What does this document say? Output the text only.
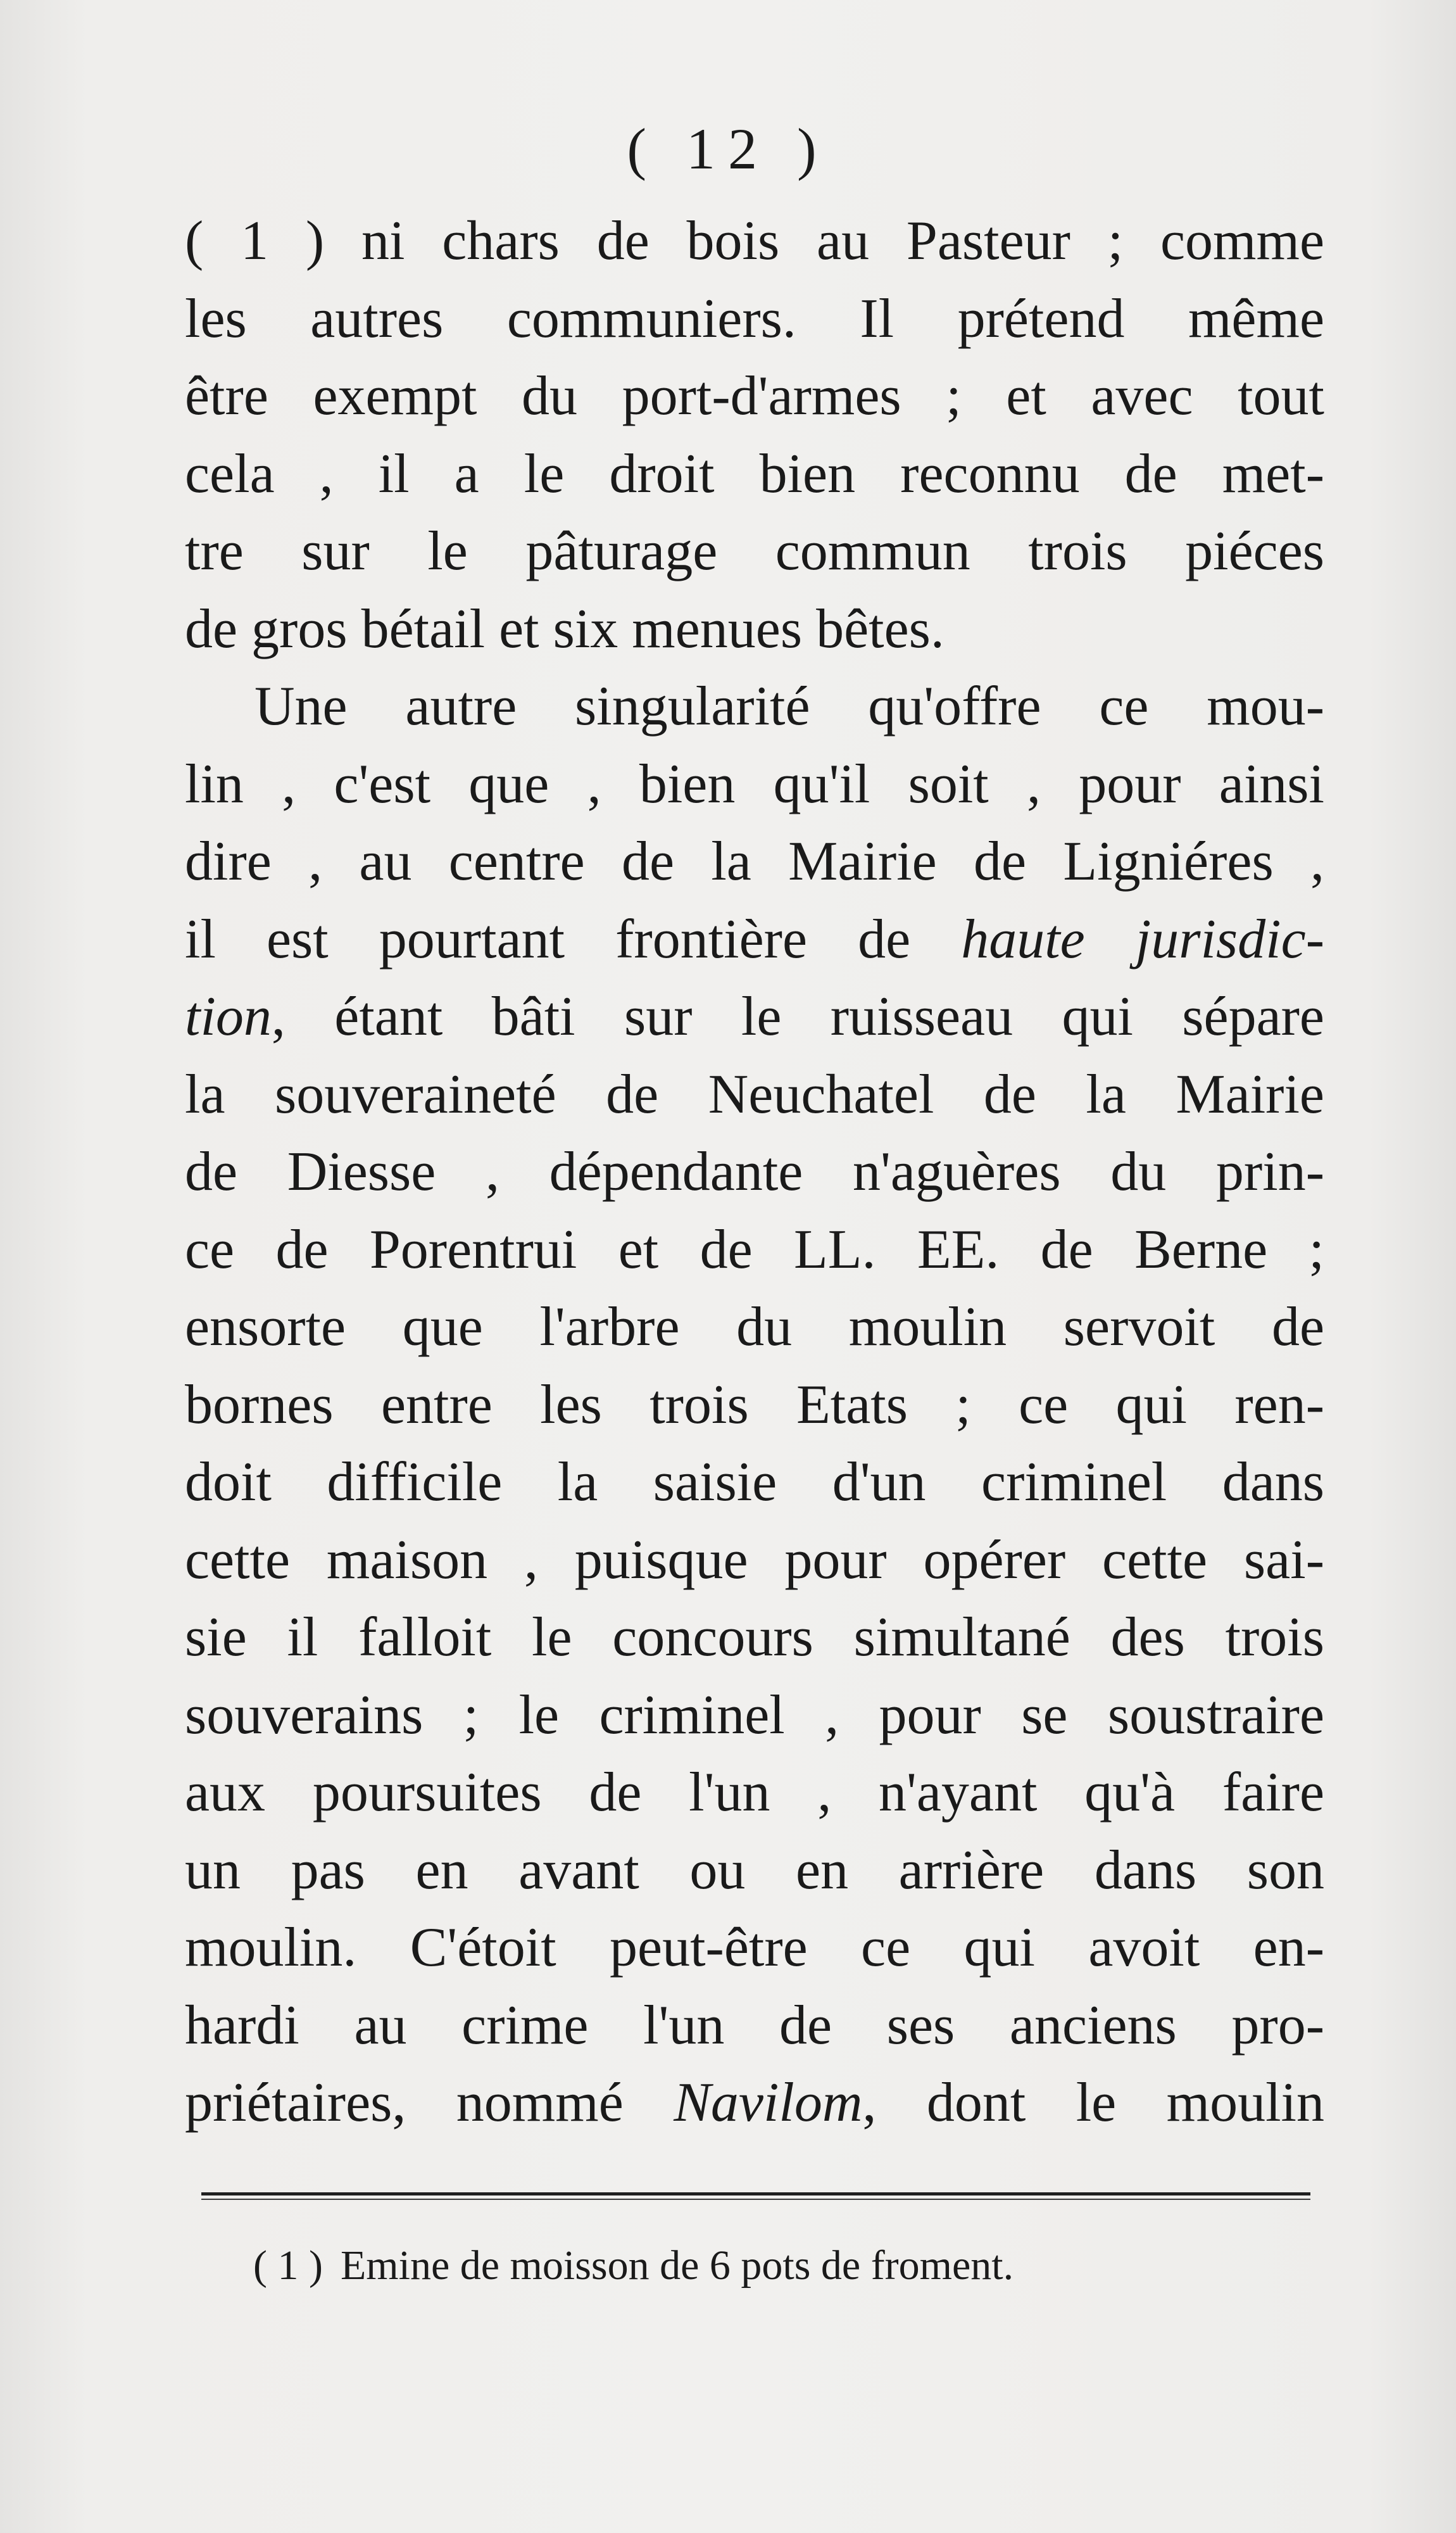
( 12 )
( 1 ) ni chars de bois au Pasteur ; comme
les autres communiers. Il prétend même
être exempt du port-d'armes ; et avec tout
cela , il a le droit bien reconnu de met-
tre sur le pâturage commun trois piéces
de gros bétail et six menues bêtes.
Une autre singularité qu'offre ce mou-
lin , c'est que , bien qu'il soit , pour ainsi
dire , au centre de la Mairie de Ligniéres ,
il est pourtant frontière de haute jurisdic-
tion, étant bâti sur le ruisseau qui sépare
la souveraineté de Neuchatel de la Mairie
de Diesse , dépendante n'aguères du prin-
ce de Porentrui et de LL. EE. de Berne ;
ensorte que l'arbre du moulin servoit de
bornes entre les trois Etats ; ce qui ren-
doit difficile la saisie d'un criminel dans
cette maison , puisque pour opérer cette sai-
sie il falloit le concours simultané des trois
souverains ; le criminel , pour se soustraire
aux poursuites de l'un , n'ayant qu'à faire
un pas en avant ou en arrière dans son
moulin. C'étoit peut-être ce qui avoit en-
hardi au crime l'un de ses anciens pro-
priétaires, nommé Naviloт, dont le moulin
( 1 ) Emine de moisson de 6 pots de froment.
